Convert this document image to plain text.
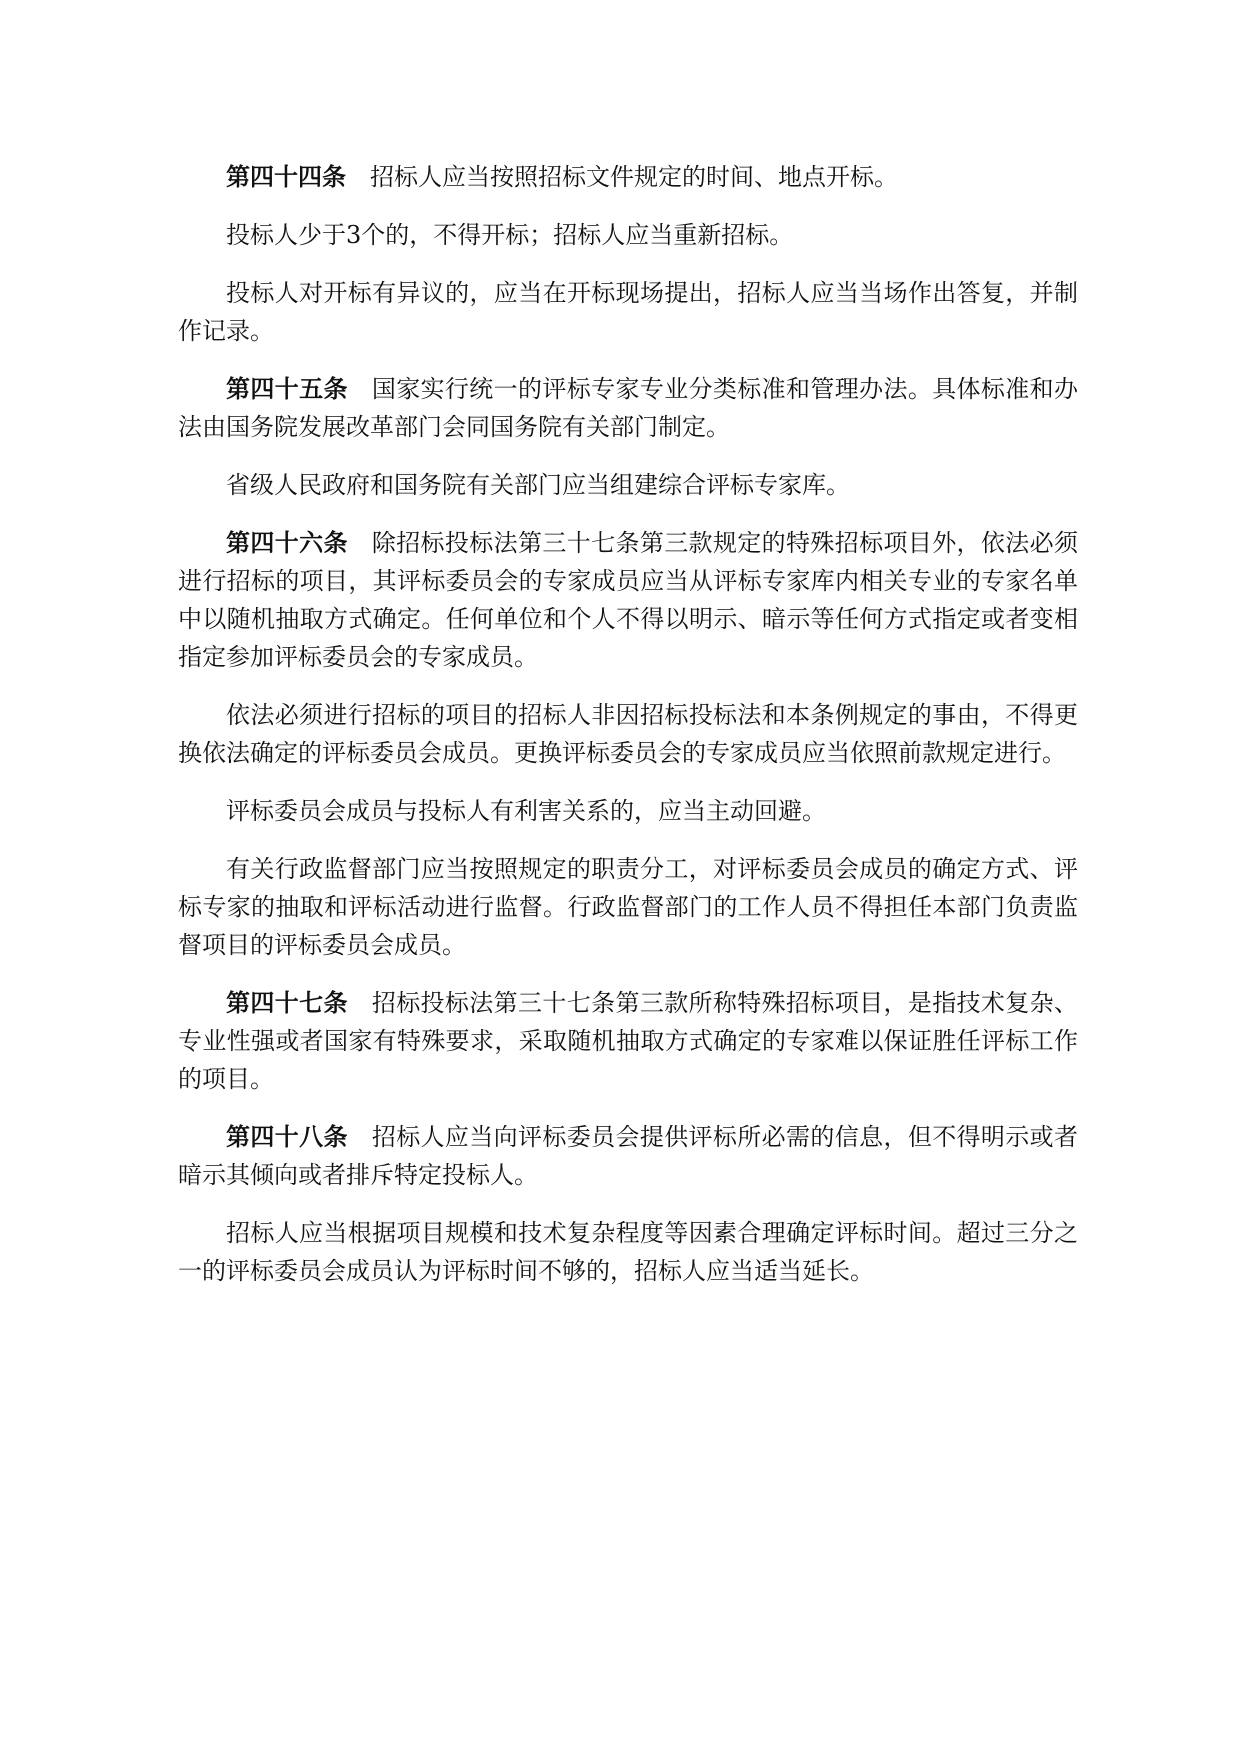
第四十四条 招标人应当按照招标文件规定的时间、地点开标。

投标人少于3个的，不得开标；招标人应当重新招标。

投标人对开标有异议的，应当在开标现场提出，招标人应当当场作出答复，并制作记录。

第四十五条 国家实行统一的评标专家专业分类标准和管理办法。具体标准和办法由国务院发展改革部门会同国务院有关部门制定。

省级人民政府和国务院有关部门应当组建综合评标专家库。

第四十六条 除招标投标法第三十七条第三款规定的特殊招标项目外，依法必须进行招标的项目，其评标委员会的专家成员应当从评标专家库内相关专业的专家名单中以随机抽取方式确定。任何单位和个人不得以明示、暗示等任何方式指定或者变相指定参加评标委员会的专家成员。

依法必须进行招标的项目的招标人非因招标投标法和本条例规定的事由，不得更换依法确定的评标委员会成员。更换评标委员会的专家成员应当依照前款规定进行。

评标委员会成员与投标人有利害关系的，应当主动回避。

有关行政监督部门应当按照规定的职责分工，对评标委员会成员的确定方式、评标专家的抽取和评标活动进行监督。行政监督部门的工作人员不得担任本部门负责监督项目的评标委员会成员。

第四十七条 招标投标法第三十七条第三款所称特殊招标项目，是指技术复杂、专业性强或者国家有特殊要求，采取随机抽取方式确定的专家难以保证胜任评标工作的项目。

第四十八条 招标人应当向评标委员会提供评标所必需的信息，但不得明示或者暗示其倾向或者排斥特定投标人。

招标人应当根据项目规模和技术复杂程度等因素合理确定评标时间。超过三分之一的评标委员会成员认为评标时间不够的，招标人应当适当延长。
